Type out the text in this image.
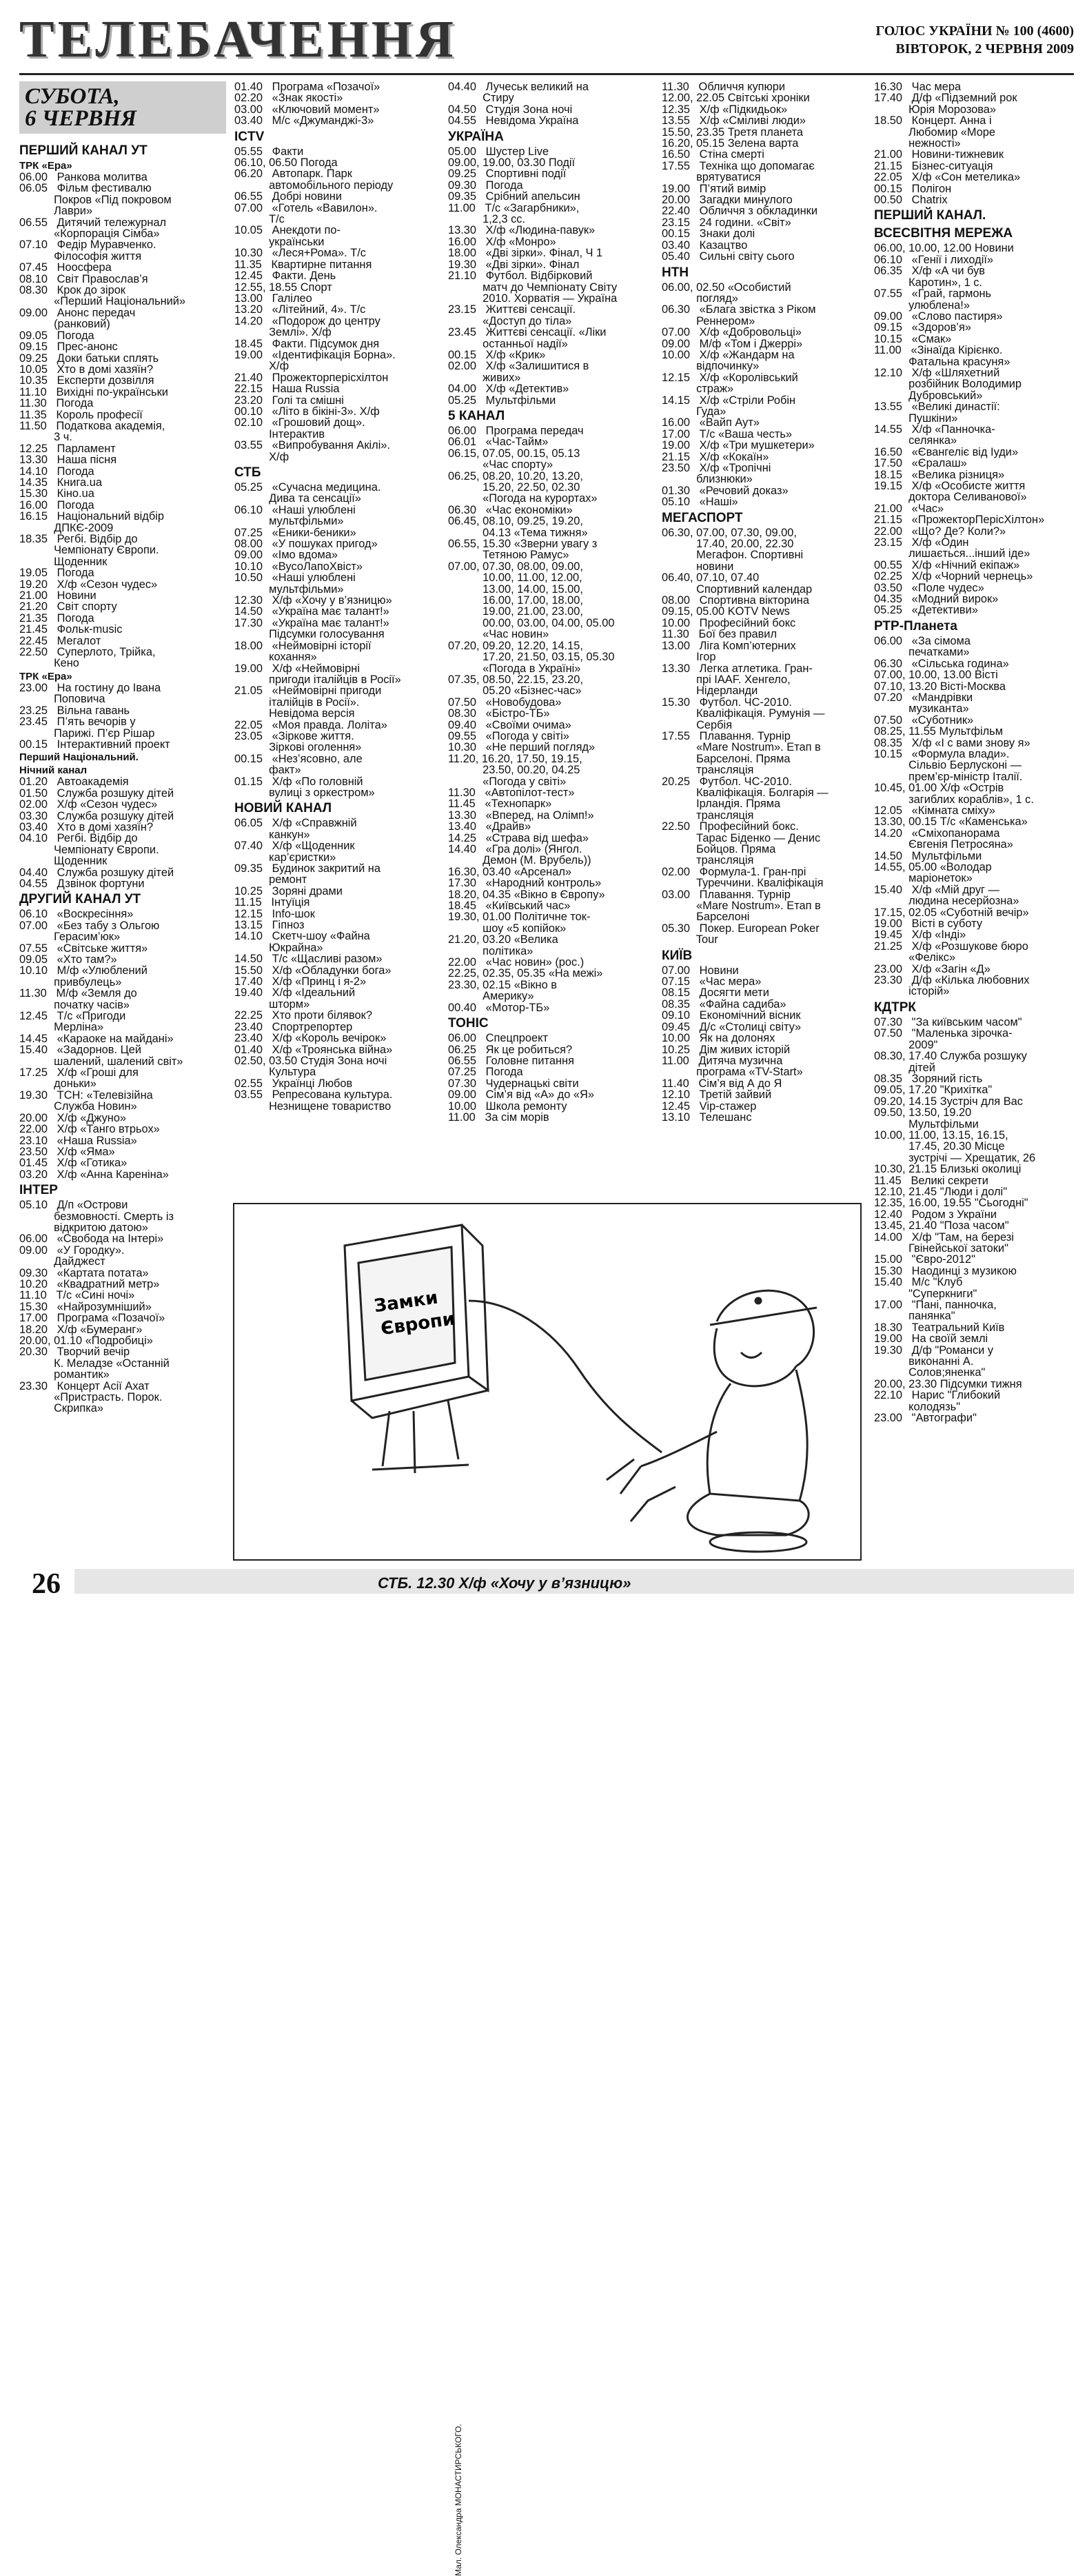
ТЕЛЕБАЧЕННЯ	ГОЛОС УКРАЇНИ № 100 (4600)
ВІВТОРОК, 2 ЧЕРВНЯ 2009
СУБОТА,
6 ЧЕРВНЯ
ПЕРШИЙ КАНАЛ УТ
ТРК «Ера»
06.00   Ранкова молитва
06.05   Фільм фестивалю
Покров «Під покровом
Лаври»
06.55   Дитячий тележурнал
«Корпорація Сімба»
07.10   Федір Муравченко.
Філософія життя
07.45   Ноосфера
08.10   Світ Православ’я
08.30   Крок до зірок
«Перший Національний»
09.00   Анонс передач
(ранковий)
09.05   Погода
09.15   Прес-анонс
09.25   Доки батьки сплять
10.05   Хто в домі хазяїн?
10.35   Експерти дозвілля
11.10   Вихідні по-українськи
11.30   Погода
11.35   Король професії
11.50   Податкова академія,
3 ч.
12.25   Парламент
13.30   Наша пісня
14.10   Погода
14.35   Книга.ua
15.30   Кіно.ua
16.00   Погода
16.15   Національний відбір
ДПКЄ-2009
18.35   Регбі. Відбір до
Чемпіонату Європи.
Щоденник
19.05   Погода
19.20   Х/ф «Сезон чудес»
21.00   Новини
21.20   Світ спорту
21.35   Погода
21.45   Фольк-music
22.45   Мегалот
22.50   Суперлото, Трійка,
Кено
ТРК «Ера»
23.00   На гостину до Івана
Поповича
23.25   Вільна гавань
23.45   П’ять вечорів у
Парижі. П’єр Рішар
00.15   Інтерактивний проект
Перший Національний.
Нічний канал
01.20   Автоакадемія
01.50   Служба розшуку дітей
02.00   Х/ф «Сезон чудес»
03.30   Служба розшуку дітей
03.40   Хто в домі хазяїн?
04.10   Регбі. Відбір до
Чемпіонату Європи.
Щоденник
04.40   Служба розшуку дітей
04.55   Дзвінок фортуни
ДРУГИЙ КАНАЛ УТ
06.10   «Воскресіння»
07.00   «Без табу з Ольгою
Герасим’юк»
07.55   «Світське життя»
09.05   «Хто там?»
10.10   М/ф «Улюблений
привбулець»
11.30   М/ф «Земля до
початку часів»
12.45   Т/с «Пригоди
Мерліна»
14.45   «Караоке на майдані»
15.40   «Задорнов. Цей
шалений, шалений світ»
17.25   Х/ф «Гроші для
доньки»
19.30   ТСН: «Телевізійна
Служба Новин»
20.00   Х/ф «Джуно»
22.00   Х/ф «Танго втрьох»
23.10   «Наша Russia»
23.50   Х/ф «Яма»
01.45   Х/ф «Готика»
03.20   Х/ф «Анна Кареніна»
ІНТЕР
05.10   Д/п «Острови
безмовності. Смерть із
відкритою датою»
06.00   «Свобода на Інтері»
09.00   «У Городку».
Дайджест
09.30   «Картата потата»
10.20   «Квадратний метр»
11.10   Т/с «Сині ночі»
15.30   «Найрозумніший»
17.00   Програма «Позачої»
18.20   Х/ф «Бумеранг»
20.00, 01.10 «Подробиці»
20.30   Творчий вечір
К. Меладзе «Останній
романтик»
23.30   Концерт Асії Ахат
«Пристрасть. Порок.
Скрипка»
01.40   Програма «Позачої»
02.20   «Знак якості»
03.00   «Ключовий момент»
03.40   М/с «Джуманджі-3»
ICTV
05.55   Факти
06.10, 06.50 Погода
06.20   Автопарк. Парк
автомобільного періоду
06.55   Добрі новини
07.00   «Готель «Вавилон».
Т/с
10.05   Анекдоти по-
українськи
10.30   «Леся+Рома». Т/с
11.35   Квартирне питання
12.45   Факти. День
12.55, 18.55 Спорт
13.00   Галілео
13.20   «Літейний, 4». Т/с
14.20   «Подорож до центру
Землі». Х/ф
18.45   Факти. Підсумок дня
19.00   «Ідентифікація Борна».
Х/ф
21.40   Прожекторперісхілтон
22.15   Наша Russia
23.20   Голі та смішні
00.10   «Літо в бікіні-3». Х/ф
02.10   «Грошовий дощ».
Інтерактив
03.55   «Випробування Акілі».
Х/ф
СТБ
05.25   «Сучасна медицина.
Дива та сенсації»
06.10   «Наші улюблені
мультфільми»
07.25   «Еники-беники»
08.00   «У пошуках пригод»
09.00   «Імо вдома»
10.10   «ВусоЛапоХвіст»
10.50   «Наші улюблені
мультфільми»
12.30   Х/ф «Хочу у в’язницю»
14.50   «Україна має талант!»
17.30   «Україна має талант!»
Підсумки голосування
18.00   «Неймовірні історії
кохання»
19.00   Х/ф «Неймовірні
пригоди італійців в Росії»
21.05   «Неймовірні пригоди
італійців в Росії».
Невідома версія
22.05   «Моя правда. Лоліта»
23.05   «Зіркове життя.
Зіркові оголення»
00.15   «Нез’ясовно, але
факт»
01.15   Х/ф «По головній
вулиці з оркестром»
НОВИЙ КАНАЛ
06.05   Х/ф «Справжній
канкун»
07.40   Х/ф «Щоденник
кар’єристки»
09.35   Будинок закритий на
ремонт
10.25   Зоряні драми
11.15   Інтуїція
12.15   Info-шок
13.15   Гіпноз
14.10   Скетч-шоу «Файна
Юкрайна»
14.50   Т/с «Щасливі разом»
15.50   Х/ф «Обладунки бога»
17.40   Х/ф «Принц і я-2»
19.40   Х/ф «Ідеальний
шторм»
22.25   Хто проти білявок?
23.40   Спортрепортер
23.40   Х/ф «Король вечірок»
01.40   Х/ф «Троянська війна»
02.50, 03.50 Студія Зона ночі
Культура
02.55   Українці Любов
03.55   Репресована культура.
Незнищене товариство
04.40   Лучеськ великий на
Стиру
04.50   Студія Зона ночі
04.55   Невідома Україна
УКРАЇНА
05.00   Шустер Live
09.00, 19.00, 03.30 Події
09.25   Спортивні події
09.30   Погода
09.35   Срібний апельсин
11.00   Т/с «Загарбники»,
1,2,3 сс.
13.30   Х/ф «Людина-павук»
16.00   Х/ф «Монро»
18.00   «Дві зірки». Фінал, Ч 1
19.30   «Дві зірки». Фінал
21.10   Футбол. Відбірковий
матч до Чемпіонату Світу
2010. Хорватія — Україна
23.15   Життєві сенсації.
«Доступ до тіла»
23.45   Життєві сенсації. «Ліки
останньої надії»
00.15   Х/ф «Крик»
02.00   Х/ф «Залишитися в
живих»
04.00   Х/ф «Детектив»
05.25   Мультфільми
5 КАНАЛ
06.00   Програма передач
06.01   «Час-Тайм»
06.15, 07.05, 00.15, 05.13
«Час спорту»
06.25, 08.20, 10.20, 13.20,
15.20, 22.50, 02.30
«Погода на курортах»
06.30   «Час економіки»
06.45, 08.10, 09.25, 19.20,
04.13 «Тема тижня»
06.55, 15.30 «Зверни увагу з
Тетяною Рамус»
07.00, 07.30, 08.00, 09.00,
10.00, 11.00, 12.00,
13.00, 14.00, 15.00,
16.00, 17.00, 18.00,
19.00, 21.00, 23.00,
00.00, 03.00, 04.00, 05.00
«Час новин»
07.20, 09.20, 12.20, 14.15,
17.20, 21.50, 03.15, 05.30
«Погода в Україні»
07.35, 08.50, 22.15, 23.20,
05.20 «Бізнес-час»
07.50   «Новобудова»
08.30   «Бістро-ТБ»
09.40   «Своїми очима»
09.55   «Погода у світі»
10.30   «Не перший погляд»
11.20, 16.20, 17.50, 19.15,
23.50, 00.20, 04.25
«Погода у світі»
11.30   «Автопілот-тест»
11.45   «Технопарк»
13.30   «Вперед, на Олімп!»
13.40   «Драйв»
14.25   «Страва від шефа»
14.40   «Гра долі» (Янгол.
Демон (М. Врубель))
16.30, 03.40 «Арсенал»
17.30   «Народний контроль»
18.20, 04.35 «Вікно в Європу»
18.45   «Київський час»
19.30, 01.00 Політичне ток-
шоу «5 копійок»
21.20, 03.20 «Велика
політика»
22.00   «Час новин» (рос.)
22.25, 02.35, 05.35 «На межі»
23.30, 02.15 «Вікно в
Америку»
00.40   «Мотор-ТБ»
ТОНІС
06.00   Спецпроект
06.25   Як це робиться?
06.55   Головне питання
07.25   Погода
07.30   Чудернацькі світи
09.00   Сім’я від «А» до «Я»
10.00   Школа ремонту
11.00   За сім морів
11.30   Обличчя купюри
12.00, 22.05 Світські хроніки
12.35   Х/ф «Підкидьок»
13.55   Х/ф «Сміливі люди»
15.50, 23.35 Третя планета
16.20, 05.15 Зелена варта
16.50   Стіна смерті
17.55   Техніка що допомагає
врятуватися
19.00   П’ятий вимір
20.00   Загадки минулого
22.40   Обличчя з обкладинки
23.15   24 години. «Світ»
00.15   Знаки долі
03.40   Казацтво
05.40   Сильні світу сього
НТН
06.00, 02.50 «Особистий
погляд»
06.30   «Блага звістка з Ріком
Реннером»
07.00   Х/ф «Добровольці»
09.00   М/ф «Том і Джеррі»
10.00   Х/ф «Жандарм на
відпочинку»
12.15   Х/ф «Королівський
страж»
14.15   Х/ф «Стріли Робін
Гуда»
16.00   «Вайп Аут»
17.00   Т/с «Ваша честь»
19.00   Х/ф «Три мушкетери»
21.15   Х/ф «Кокаїн»
23.50   Х/ф «Тропічні
близнюки»
01.30   «Речовий доказ»
05.10   «Наші»
МЕГАСПОРТ
06.30, 07.00, 07.30, 09.00,
17.40, 20.00, 22.30
Мегафон. Спортивні
новини
06.40, 07.10, 07.40
Спортивний календар
08.00   Спортивна вікторина
09.15, 05.00 KOTV News
10.00   Професійний бокс
11.30   Бої без правил
13.00   Ліга Комп’ютерних
Ігор
13.30   Легка атлетика. Гран-
прі IAAF. Хенгело,
Нідерланди
15.30   Футбол. ЧС-2010.
Кваліфікація. Румунія —
Сербія
17.55   Плавання. Турнір
«Mare Nostrum». Етап в
Барселоні. Пряма
трансляція
20.25   Футбол. ЧС-2010.
Кваліфікація. Болгарія —
Ірландія. Пряма
трансляція
22.50   Професійний бокс.
Тарас Біденко — Денис
Бойцов. Пряма
трансляція
02.00   Формула-1. Гран-прі
Туреччини. Кваліфікація
03.00   Плавання. Турнір
«Mare Nostrum». Етап в
Барселоні
05.30   Покер. European Poker
Tour
КИЇВ
07.00   Новини
07.15   «Час мера»
08.15   Досягти мети
08.35   «Файна садиба»
09.10   Економічний вісник
09.45   Д/с «Столиці світу»
10.00   Як на долонях
10.25   Дім живих історій
11.00   Дитяча музична
програма «TV-Start»
11.40   Сім’я від А до Я
12.10   Третій зайвий
12.45   Vip-стажер
13.10   Телешанс
16.30   Час мера
17.40   Д/ф «Підземний рок
Юрія Морозова»
18.50   Концерт. Анна і
Любомир «Море
нежності»
21.00   Новини-тижневик
21.15   Бізнес-ситуація
22.05   Х/ф «Сон метелика»
00.15   Полігон
00.50   Chatrix
ПЕРШИЙ КАНАЛ.
ВСЕСВІТНЯ МЕРЕЖА
06.00, 10.00, 12.00 Новини
06.10   «Генії і лиходії»
06.35   Х/ф «А чи був
Каротин», 1 с.
07.55   «Грай, гармонь
улюблена!»
09.00   «Слово пастиря»
09.15   «Здоров’я»
10.15   «Смак»
11.00   «Зінаїда Кірієнко.
Фатальна красуня»
12.10   Х/ф «Шляхетний
розбійник Володимир
Дубровський»
13.55   «Великі династії:
Пушкіни»
14.55   Х/ф «Панночка-
селянка»
16.50   «Євангеліє від Іуди»
17.50   «Єралаш»
18.15   «Велика різниця»
19.15   Х/ф «Особисте життя
доктора Селиванової»
21.00   «Час»
21.15   «ПрожекторПерісХілтон»
22.00   «Що? Де? Коли?»
23.15   Х/ф «Один
лишається...інший іде»
00.55   Х/ф «Нічний екіпаж»
02.25   Х/ф «Чорний чернець»
03.50   «Поле чудес»
04.35   «Модний вирок»
05.25   «Детективи»
РТР-Планета
06.00   «За сімома
печатками»
06.30   «Сільська година»
07.00, 10.00, 13.00 Вісті
07.10, 13.20 Вісті-Москва
07.20   «Мандрівки
музиканта»
07.50   «Суботник»
08.25, 11.55 Мультфільм
08.35   Х/ф «І с вами знову я»
10.15   «Формула влади».
Сільвіо Берлусконі —
прем’єр-міністр Італії.
10.45, 01.00 Х/ф «Острів
загиблих кораблів», 1 с.
12.05   «Кімната сміху»
13.30, 00.15 Т/с «Каменська»
14.20   «Сміхопанорама
Євгенія Петросяна»
14.50   Мультфільми
14.55, 05.00 «Володар
маріонеток»
15.40   Х/ф «Мій друг —
людина несерйозна»
17.15, 02.05 «Суботній вечір»
19.00   Вісті в суботу
19.45   Х/ф «Інді»
21.25   Х/ф «Розшукове бюро
«Фелікс»
23.00   Х/ф «Загін «Д»
23.30   Д/ф «Кілька любовних
історій»
КДТРК
07.30   "За київським часом"
07.50   "Маленька зірочка-
2009"
08.30, 17.40 Служба розшуку
дітей
08.35   Зоряний гість
09.05, 17.20 "Крихітка"
09.20, 14.15 Зустріч для Вас
09.50, 13.50, 19.20
Мультфільми
10.00, 11.00, 13.15, 16.15,
17.45, 20.30 Місце
зустрічі — Хрещатик, 26
10.30, 21.15 Близькі околиці
11.45   Великі секрети
12.10, 21.45 "Люди і долі"
12.35, 16.00, 19.55 "Сьогодні"
12.40   Родом з України
13.45, 21.40 "Поза часом"
14.00   Х/ф "Там, на березі
Гвінейської затоки"
15.00   "Євро-2012"
15.30   Наодинці з музикою
15.40   М/с "Клуб
"Суперкниги"
17.00   "Пані, панночка,
панянка"
18.30   Театральний Київ
19.00   На своїй землі
19.30   Д/ф "Романси у
виконанні А.
Солов;яненка"
20.00, 23.30 Підсумки тижня
22.10   Нарис "Глибокий
колодязь"
23.00   "Автографи"
Замки Європи
Мал. Олександра МОНАСТИРСЬКОГО.
26	СТБ. 12.30 Х/ф «Хочу у в’язницю»
